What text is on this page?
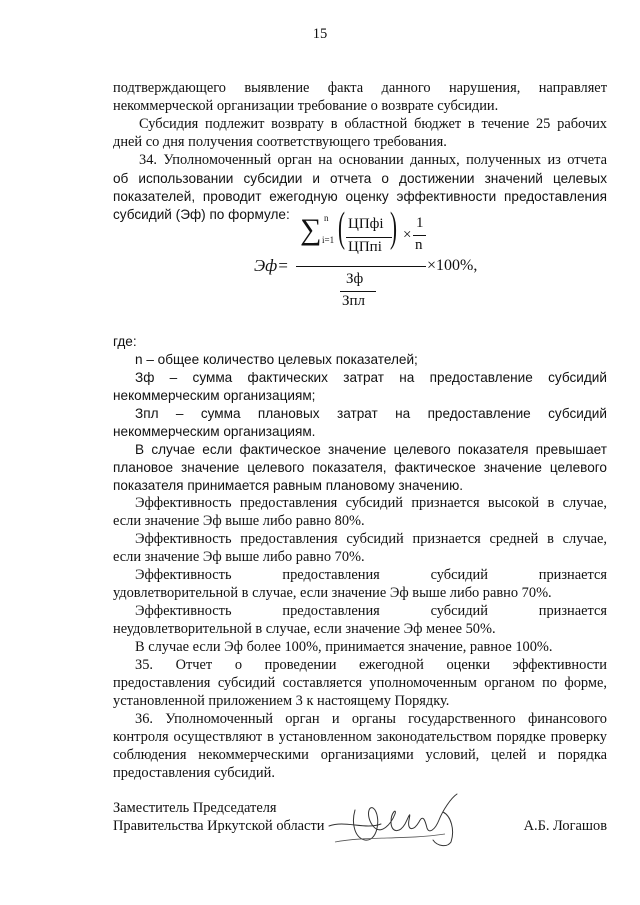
15
подтверждающего выявление факта данного нарушения, направляет
некоммерческой организации требование о возврате субсидии.
Субсидия подлежит возврату в областной бюджет в течение 25 рабочих
дней со дня получения соответствующего требования.
34. Уполномоченный орган на основании данных, полученных из отчета
об использовании субсидии и отчета о достижении значений целевых
показателей, проводит ежегодную оценку эффективности предоставления
субсидий (Эф) по формуле:
Эф=
∑ n
i=1 ( ЦПфi
ЦПпi ) ×
1
n
×100%,
Зф
Зпл
где:
n – общее количество целевых показателей;
Зф – сумма фактических затрат на предоставление субсидий
некоммерческим организациям;
Зпл – сумма плановых затрат на предоставление субсидий
некоммерческим организациям.
В случае если фактическое значение целевого показателя превышает
плановое значение целевого показателя, фактическое значение целевого
показателя принимается равным плановому значению.
Эффективность предоставления субсидий признается высокой в случае,
если значение Эф выше либо равно 80%.
Эффективность предоставления субсидий признается средней в случае,
если значение Эф выше либо равно 70%.
Эффективность предоставления субсидий признается
удовлетворительной в случае, если значение Эф выше либо равно 70%.
Эффективность предоставления субсидий признается
неудовлетворительной в случае, если значение Эф менее 50%.
В случае если Эф более 100%, принимается значение, равное 100%.
35. Отчет о проведении ежегодной оценки эффективности
предоставления субсидий составляется уполномоченным органом по форме,
установленной приложением 3 к настоящему Порядку.
36. Уполномоченный орган и органы государственного финансового
контроля осуществляют в установленном законодательством порядке проверку
соблюдения некоммерческими организациями условий, целей и порядка
предоставления субсидий.
Заместитель Председателя
Правительства Иркутской области	А.Б. Логашов
